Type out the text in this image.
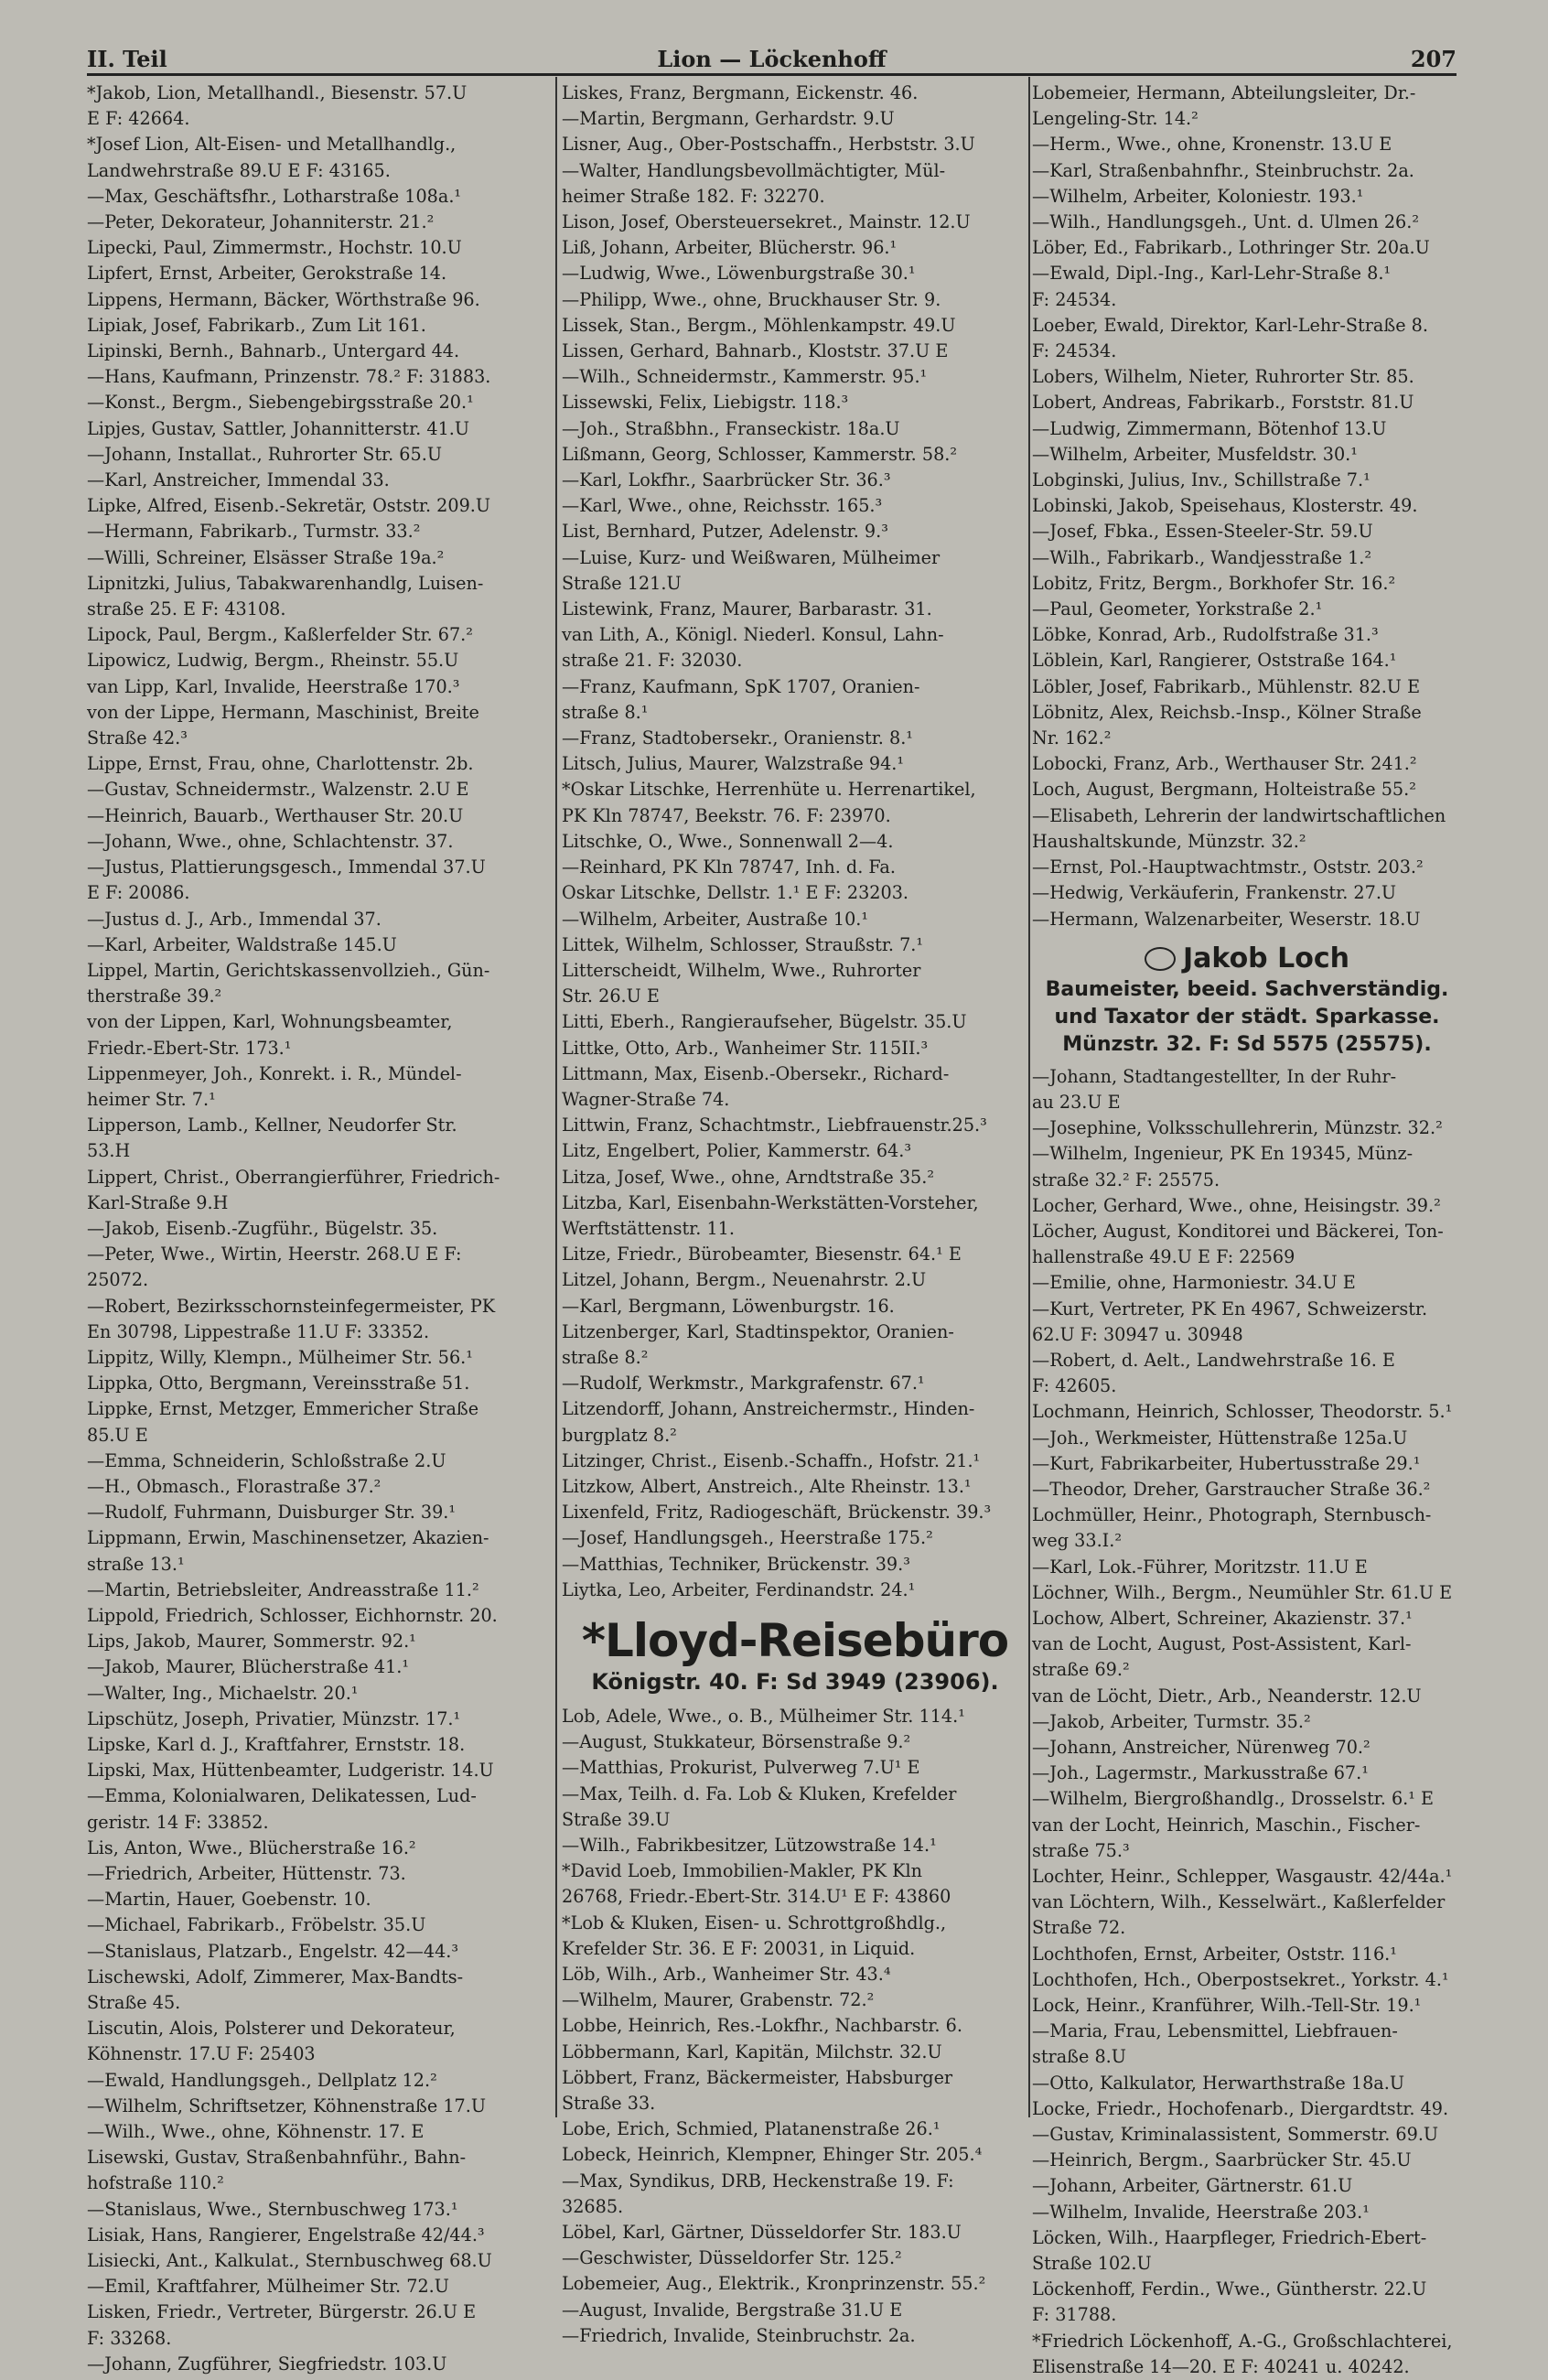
II. Teil	Lion — Löckenhoff	207
*Jakob, Lion, Metallhandl., Biesenstr. 57.U
E F: 42664.
*Josef Lion, Alt-Eisen- und Metallhandlg.,
Landwehrstraße 89.U E F: 43165.
—Max, Geschäftsfhr., Lotharstraße 108a.¹
—Peter, Dekorateur, Johanniterstr. 21.²
Lipecki, Paul, Zimmermstr., Hochstr. 10.U
Lipfert, Ernst, Arbeiter, Gerokstraße 14.
Lippens, Hermann, Bäcker, Wörthstraße 96.
Lipiak, Josef, Fabrikarb., Zum Lit 161.
Lipinski, Bernh., Bahnarb., Untergard 44.
—Hans, Kaufmann, Prinzenstr. 78.² F: 31883.
—Konst., Bergm., Siebengebirgsstraße 20.¹
Lipjes, Gustav, Sattler, Johannitterstr. 41.U
—Johann, Installat., Ruhrorter Str. 65.U
—Karl, Anstreicher, Immendal 33.
Lipke, Alfred, Eisenb.-Sekretär, Oststr. 209.U
—Hermann, Fabrikarb., Turmstr. 33.²
—Willi, Schreiner, Elsässer Straße 19a.²
Lipnitzki, Julius, Tabakwarenhandlg, Luisen-
straße 25. E F: 43108.
Lipock, Paul, Bergm., Kaßlerfelder Str. 67.²
Lipowicz, Ludwig, Bergm., Rheinstr. 55.U
van Lipp, Karl, Invalide, Heerstraße 170.³
von der Lippe, Hermann, Maschinist, Breite
Straße 42.³
Lippe, Ernst, Frau, ohne, Charlottenstr. 2b.
—Gustav, Schneidermstr., Walzenstr. 2.U E
—Heinrich, Bauarb., Werthauser Str. 20.U
—Johann, Wwe., ohne, Schlachtenstr. 37.
—Justus, Plattierungsgesch., Immendal 37.U
E F: 20086.
—Justus d. J., Arb., Immendal 37.
—Karl, Arbeiter, Waldstraße 145.U
Lippel, Martin, Gerichtskassenvollzieh., Gün-
therstraße 39.²
von der Lippen, Karl, Wohnungsbeamter,
Friedr.-Ebert-Str. 173.¹
Lippenmeyer, Joh., Konrekt. i. R., Mündel-
heimer Str. 7.¹
Lipperson, Lamb., Kellner, Neudorfer Str.
53.H
Lippert, Christ., Oberrangierführer, Friedrich-
Karl-Straße 9.H
—Jakob, Eisenb.-Zugführ., Bügelstr. 35.
—Peter, Wwe., Wirtin, Heerstr. 268.U E F:
25072.
—Robert, Bezirksschornsteinfegermeister, PK
En 30798, Lippestraße 11.U F: 33352.
Lippitz, Willy, Klempn., Mülheimer Str. 56.¹
Lippka, Otto, Bergmann, Vereinsstraße 51.
Lippke, Ernst, Metzger, Emmericher Straße
85.U E
—Emma, Schneiderin, Schloßstraße 2.U
—H., Obmasch., Florastraße 37.²
—Rudolf, Fuhrmann, Duisburger Str. 39.¹
Lippmann, Erwin, Maschinensetzer, Akazien-
straße 13.¹
—Martin, Betriebsleiter, Andreasstraße 11.²
Lippold, Friedrich, Schlosser, Eichhornstr. 20.
Lips, Jakob, Maurer, Sommerstr. 92.¹
—Jakob, Maurer, Blücherstraße 41.¹
—Walter, Ing., Michaelstr. 20.¹
Lipschütz, Joseph, Privatier, Münzstr. 17.¹
Lipske, Karl d. J., Kraftfahrer, Ernststr. 18.
Lipski, Max, Hüttenbeamter, Ludgeristr. 14.U
—Emma, Kolonialwaren, Delikatessen, Lud-
geristr. 14 F: 33852.
Lis, Anton, Wwe., Blücherstraße 16.²
—Friedrich, Arbeiter, Hüttenstr. 73.
—Martin, Hauer, Goebenstr. 10.
—Michael, Fabrikarb., Fröbelstr. 35.U
—Stanislaus, Platzarb., Engelstr. 42—44.³
Lischewski, Adolf, Zimmerer, Max-Bandts-
Straße 45.
Liscutin, Alois, Polsterer und Dekorateur,
Köhnenstr. 17.U F: 25403
—Ewald, Handlungsgeh., Dellplatz 12.²
—Wilhelm, Schriftsetzer, Köhnenstraße 17.U
—Wilh., Wwe., ohne, Köhnenstr. 17. E
Lisewski, Gustav, Straßenbahnführ., Bahn-
hofstraße 110.²
—Stanislaus, Wwe., Sternbuschweg 173.¹
Lisiak, Hans, Rangierer, Engelstraße 42/44.³
Lisiecki, Ant., Kalkulat., Sternbuschweg 68.U
—Emil, Kraftfahrer, Mülheimer Str. 72.U
Lisken, Friedr., Vertreter, Bürgerstr. 26.U E
F: 33268.
—Johann, Zugführer, Siegfriedstr. 103.U
Liskes, Franz, Bergmann, Eickenstr. 46.
—Martin, Bergmann, Gerhardstr. 9.U
Lisner, Aug., Ober-Postschaffn., Herbststr. 3.U
—Walter, Handlungsbevollmächtigter, Mül-
heimer Straße 182. F: 32270.
Lison, Josef, Obersteuersekret., Mainstr. 12.U
Liß, Johann, Arbeiter, Blücherstr. 96.¹
—Ludwig, Wwe., Löwenburgstraße 30.¹
—Philipp, Wwe., ohne, Bruckhauser Str. 9.
Lissek, Stan., Bergm., Möhlenkampstr. 49.U
Lissen, Gerhard, Bahnarb., Kloststr. 37.U E
—Wilh., Schneidermstr., Kammerstr. 95.¹
Lissewski, Felix, Liebigstr. 118.³
—Joh., Straßbhn., Franseckistr. 18a.U
Lißmann, Georg, Schlosser, Kammerstr. 58.²
—Karl, Lokfhr., Saarbrücker Str. 36.³
—Karl, Wwe., ohne, Reichsstr. 165.³
List, Bernhard, Putzer, Adelenstr. 9.³
—Luise, Kurz- und Weißwaren, Mülheimer
Straße 121.U
Listewink, Franz, Maurer, Barbarastr. 31.
van Lith, A., Königl. Niederl. Konsul, Lahn-
straße 21. F: 32030.
—Franz, Kaufmann, SpK 1707, Oranien-
straße 8.¹
—Franz, Stadtobersekr., Oranienstr. 8.¹
Litsch, Julius, Maurer, Walzstraße 94.¹
*Oskar Litschke, Herrenhüte u. Herrenartikel,
PK Kln 78747, Beekstr. 76. F: 23970.
Litschke, O., Wwe., Sonnenwall 2—4.
—Reinhard, PK Kln 78747, Inh. d. Fa.
Oskar Litschke, Dellstr. 1.¹ E F: 23203.
—Wilhelm, Arbeiter, Austraße 10.¹
Littek, Wilhelm, Schlosser, Straußstr. 7.¹
Litterscheidt, Wilhelm, Wwe., Ruhrorter
Str. 26.U E
Litti, Eberh., Rangieraufseher, Bügelstr. 35.U
Littke, Otto, Arb., Wanheimer Str. 115II.³
Littmann, Max, Eisenb.-Obersekr., Richard-
Wagner-Straße 74.
Littwin, Franz, Schachtmstr., Liebfrauenstr.25.³
Litz, Engelbert, Polier, Kammerstr. 64.³
Litza, Josef, Wwe., ohne, Arndtstraße 35.²
Litzba, Karl, Eisenbahn-Werkstätten-Vorsteher,
Werftstättenstr. 11.
Litze, Friedr., Bürobeamter, Biesenstr. 64.¹ E
Litzel, Johann, Bergm., Neuenahrstr. 2.U
—Karl, Bergmann, Löwenburgstr. 16.
Litzenberger, Karl, Stadtinspektor, Oranien-
straße 8.²
—Rudolf, Werkmstr., Markgrafenstr. 67.¹
Litzendorff, Johann, Anstreichermstr., Hinden-
burgplatz 8.²
Litzinger, Christ., Eisenb.-Schaffn., Hofstr. 21.¹
Litzkow, Albert, Anstreich., Alte Rheinstr. 13.¹
Lixenfeld, Fritz, Radiogeschäft, Brückenstr. 39.³
—Josef, Handlungsgeh., Heerstraße 175.²
—Matthias, Techniker, Brückenstr. 39.³
Liytka, Leo, Arbeiter, Ferdinandstr. 24.¹
*Lloyd-Reisebüro
Königstr. 40. F: Sd 3949 (23906).
Lob, Adele, Wwe., o. B., Mülheimer Str. 114.¹
—August, Stukkateur, Börsenstraße 9.²
—Matthias, Prokurist, Pulverweg 7.U¹ E
—Max, Teilh. d. Fa. Lob & Kluken, Krefelder
Straße 39.U
—Wilh., Fabrikbesitzer, Lützowstraße 14.¹
*David Loeb, Immobilien-Makler, PK Kln
26768, Friedr.-Ebert-Str. 314.U¹ E F: 43860
*Lob & Kluken, Eisen- u. Schrottgroßhdlg.,
Krefelder Str. 36. E F: 20031, in Liquid.
Löb, Wilh., Arb., Wanheimer Str. 43.⁴
—Wilhelm, Maurer, Grabenstr. 72.²
Lobbe, Heinrich, Res.-Lokfhr., Nachbarstr. 6.
Löbbermann, Karl, Kapitän, Milchstr. 32.U
Löbbert, Franz, Bäckermeister, Habsburger
Straße 33.
Lobe, Erich, Schmied, Platanenstraße 26.¹
Lobeck, Heinrich, Klempner, Ehinger Str. 205.⁴
—Max, Syndikus, DRB, Heckenstraße 19. F:
32685.
Löbel, Karl, Gärtner, Düsseldorfer Str. 183.U
—Geschwister, Düsseldorfer Str. 125.²
Lobemeier, Aug., Elektrik., Kronprinzenstr. 55.²
—August, Invalide, Bergstraße 31.U E
—Friedrich, Invalide, Steinbruchstr. 2a.
Lobemeier, Hermann, Abteilungsleiter, Dr.-
Lengeling-Str. 14.²
—Herm., Wwe., ohne, Kronenstr. 13.U E
—Karl, Straßenbahnfhr., Steinbruchstr. 2a.
—Wilhelm, Arbeiter, Koloniestr. 193.¹
—Wilh., Handlungsgeh., Unt. d. Ulmen 26.²
Löber, Ed., Fabrikarb., Lothringer Str. 20a.U
—Ewald, Dipl.-Ing., Karl-Lehr-Straße 8.¹
F: 24534.
Loeber, Ewald, Direktor, Karl-Lehr-Straße 8.
F: 24534.
Lobers, Wilhelm, Nieter, Ruhrorter Str. 85.
Lobert, Andreas, Fabrikarb., Forststr. 81.U
—Ludwig, Zimmermann, Bötenhof 13.U
—Wilhelm, Arbeiter, Musfeldstr. 30.¹
Lobginski, Julius, Inv., Schillstraße 7.¹
Lobinski, Jakob, Speisehaus, Klosterstr. 49.
—Josef, Fbka., Essen-Steeler-Str. 59.U
—Wilh., Fabrikarb., Wandjesstraße 1.²
Lobitz, Fritz, Bergm., Borkhofer Str. 16.²
—Paul, Geometer, Yorkstraße 2.¹
Löbke, Konrad, Arb., Rudolfstraße 31.³
Löblein, Karl, Rangierer, Oststraße 164.¹
Löbler, Josef, Fabrikarb., Mühlenstr. 82.U E
Löbnitz, Alex, Reichsb.-Insp., Kölner Straße
Nr. 162.²
Lobocki, Franz, Arb., Werthauser Str. 241.²
Loch, August, Bergmann, Holteistraße 55.²
—Elisabeth, Lehrerin der landwirtschaftlichen
Haushaltskunde, Münzstr. 32.²
—Ernst, Pol.-Hauptwachtmstr., Oststr. 203.²
—Hedwig, Verkäuferin, Frankenstr. 27.U
—Hermann, Walzenarbeiter, Weserstr. 18.U
Jakob Loch
Baumeister, beeid. Sachverständig.
und Taxator der städt. Sparkasse.
Münzstr. 32. F: Sd 5575 (25575).
—Johann, Stadtangestellter, In der Ruhr-
au 23.U E
—Josephine, Volksschullehrerin, Münzstr. 32.²
—Wilhelm, Ingenieur, PK En 19345, Münz-
straße 32.² F: 25575.
Locher, Gerhard, Wwe., ohne, Heisingstr. 39.²
Löcher, August, Konditorei und Bäckerei, Ton-
hallenstraße 49.U E F: 22569
—Emilie, ohne, Harmoniestr. 34.U E
—Kurt, Vertreter, PK En 4967, Schweizerstr.
62.U F: 30947 u. 30948
—Robert, d. Aelt., Landwehrstraße 16. E
F: 42605.
Lochmann, Heinrich, Schlosser, Theodorstr. 5.¹
—Joh., Werkmeister, Hüttenstraße 125a.U
—Kurt, Fabrikarbeiter, Hubertusstraße 29.¹
—Theodor, Dreher, Garstraucher Straße 36.²
Lochmüller, Heinr., Photograph, Sternbusch-
weg 33.I.²
—Karl, Lok.-Führer, Moritzstr. 11.U E
Löchner, Wilh., Bergm., Neumühler Str. 61.U E
Lochow, Albert, Schreiner, Akazienstr. 37.¹
van de Locht, August, Post-Assistent, Karl-
straße 69.²
van de Löcht, Dietr., Arb., Neanderstr. 12.U
—Jakob, Arbeiter, Turmstr. 35.²
—Johann, Anstreicher, Nürenweg 70.²
—Joh., Lagermstr., Markusstraße 67.¹
—Wilhelm, Biergroßhandlg., Drosselstr. 6.¹ E
van der Locht, Heinrich, Maschin., Fischer-
straße 75.³
Lochter, Heinr., Schlepper, Wasgaustr. 42/44a.¹
van Löchtern, Wilh., Kesselwärt., Kaßlerfelder
Straße 72.
Lochthofen, Ernst, Arbeiter, Oststr. 116.¹
Lochthofen, Hch., Oberpostsekret., Yorkstr. 4.¹
Lock, Heinr., Kranführer, Wilh.-Tell-Str. 19.¹
—Maria, Frau, Lebensmittel, Liebfrauen-
straße 8.U
—Otto, Kalkulator, Herwarthstraße 18a.U
Locke, Friedr., Hochofenarb., Diergardtstr. 49.
—Gustav, Kriminalassistent, Sommerstr. 69.U
—Heinrich, Bergm., Saarbrücker Str. 45.U
—Johann, Arbeiter, Gärtnerstr. 61.U
—Wilhelm, Invalide, Heerstraße 203.¹
Löcken, Wilh., Haarpfleger, Friedrich-Ebert-
Straße 102.U
Löckenhoff, Ferdin., Wwe., Güntherstr. 22.U
F: 31788.
*Friedrich Löckenhoff, A.-G., Großschlachterei,
Elisenstraße 14—20. E F: 40241 u. 40242.
